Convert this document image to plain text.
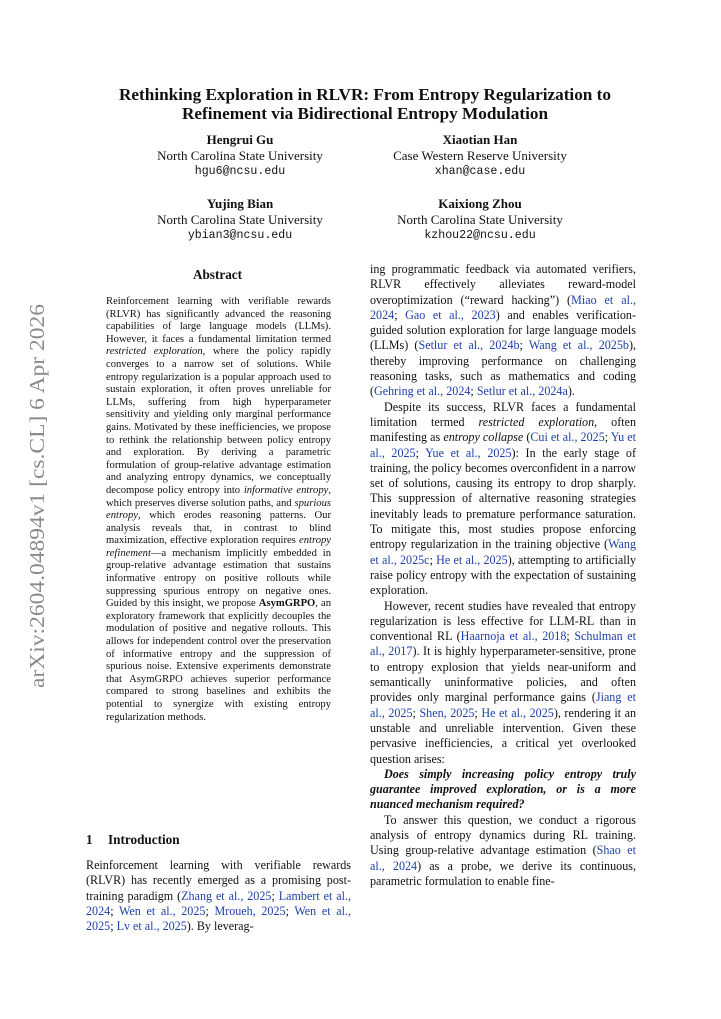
arXiv:2604.04894v1 [cs.CL] 6 Apr 2026
Rethinking Exploration in RLVR: From Entropy Regularization to Refinement via Bidirectional Entropy Modulation
Hengrui Gu
North Carolina State University
hgu6@ncsu.edu
Xiaotian Han
Case Western Reserve University
xhan@case.edu
Yujing Bian
North Carolina State University
ybian3@ncsu.edu
Kaixiong Zhou
North Carolina State University
kzhou22@ncsu.edu
Abstract

Reinforcement learning with verifiable rewards (RLVR) has significantly advanced the reasoning capabilities of large language models (LLMs). However, it faces a fundamental limitation termed restricted exploration, where the policy rapidly converges to a narrow set of solutions. While entropy regularization is a popular approach used to sustain exploration, it often proves unreliable for LLMs, suffering from high hyperparameter sensitivity and yielding only marginal performance gains. Motivated by these inefficiencies, we propose to rethink the relationship between policy entropy and exploration. By deriving a parametric formulation of group-relative advantage estimation and analyzing entropy dynamics, we conceptually decompose policy entropy into informative entropy, which preserves diverse solution paths, and spurious entropy, which erodes reasoning patterns. Our analysis reveals that, in contrast to blind maximization, effective exploration requires entropy refinement—a mechanism implicitly embedded in group-relative advantage estimation that sustains informative entropy on positive rollouts while suppressing spurious entropy on negative ones. Guided by this insight, we propose AsymGRPO, an exploratory framework that explicitly decouples the modulation of positive and negative rollouts. This allows for independent control over the preservation of informative entropy and the suppression of spurious noise. Extensive experiments demonstrate that AsymGRPO achieves superior performance compared to strong baselines and exhibits the potential to synergize with existing entropy regularization methods.

1 Introduction

Reinforcement learning with verifiable rewards (RLVR) has recently emerged as a promising post-training paradigm (Zhang et al., 2025; Lambert et al., 2024; Wen et al., 2025; Mroueh, 2025; Wen et al., 2025; Lv et al., 2025). By leverag-

ing programmatic feedback via automated verifiers, RLVR effectively alleviates reward-model overoptimization (“reward hacking”) (Miao et al., 2024; Gao et al., 2023) and enables verification-guided solution exploration for large language models (LLMs) (Setlur et al., 2024b; Wang et al., 2025b), thereby improving performance on challenging reasoning tasks, such as mathematics and coding (Gehring et al., 2024; Setlur et al., 2024a).

Despite its success, RLVR faces a fundamental limitation termed restricted exploration, often manifesting as entropy collapse (Cui et al., 2025; Yu et al., 2025; Yue et al., 2025): In the early stage of training, the policy becomes overconfident in a narrow set of solutions, causing its entropy to drop sharply. This suppression of alternative reasoning strategies inevitably leads to premature performance saturation. To mitigate this, most studies propose enforcing entropy regularization in the training objective (Wang et al., 2025c; He et al., 2025), attempting to artificially raise policy entropy with the expectation of sustaining exploration.

However, recent studies have revealed that entropy regularization is less effective for LLM-RL than in conventional RL (Haarnoja et al., 2018; Schulman et al., 2017). It is highly hyperparameter-sensitive, prone to entropy explosion that yields near-uniform and semantically uninformative policies, and often provides only marginal performance gains (Jiang et al., 2025; Shen, 2025; He et al., 2025), rendering it an unstable and unreliable intervention. Given these pervasive inefficiencies, a critical yet overlooked question arises:

Does simply increasing policy entropy truly guarantee improved exploration, or is a more nuanced mechanism required?

To answer this question, we conduct a rigorous analysis of entropy dynamics during RL training. Using group-relative advantage estimation (Shao et al., 2024) as a probe, we derive its continuous, parametric formulation to enable fine-
